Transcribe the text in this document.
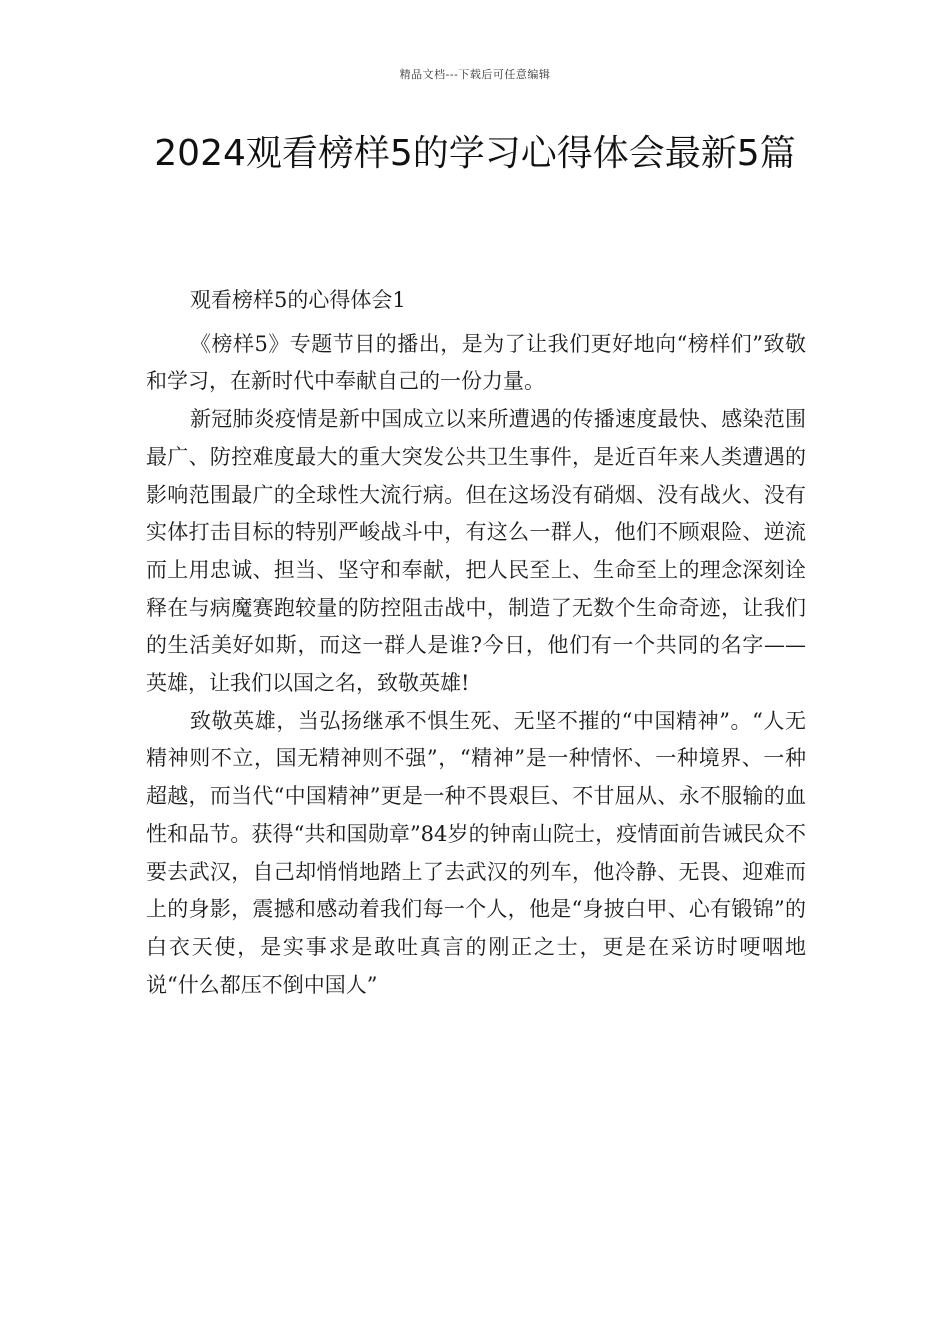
精品文档---下载后可任意编辑
2024观看榜样5的学习心得体会最新5篇

观看榜样5的心得体会1

《榜样5》专题节目的播出，是为了让我们更好地向“榜样们”致敬和学习，在新时代中奉献自己的一份力量。

新冠肺炎疫情是新中国成立以来所遭遇的传播速度最快、感染范围最广、防控难度最大的重大突发公共卫生事件，是近百年来人类遭遇的影响范围最广的全球性大流行病。但在这场没有硝烟、没有战火、没有实体打击目标的特别严峻战斗中，有这么一群人，他们不顾艰险、逆流而上用忠诚、担当、坚守和奉献，把人民至上、生命至上的理念深刻诠释在与病魔赛跑较量的防控阻击战中，制造了无数个生命奇迹，让我们的生活美好如斯，而这一群人是谁?今日，他们有一个共同的名字——英雄，让我们以国之名，致敬英雄!

致敬英雄，当弘扬继承不惧生死、无坚不摧的“中国精神”。“人无精神则不立，国无精神则不强”，“精神”是一种情怀、一种境界、一种超越，而当代“中国精神”更是一种不畏艰巨、不甘屈从、永不服输的血性和品节。获得“共和国勋章”84岁的钟南山院士，疫情面前告诫民众不要去武汉，自己却悄悄地踏上了去武汉的列车，他冷静、无畏、迎难而上的身影，震撼和感动着我们每一个人，他是“身披白甲、心有锻锦”的白衣天使，是实事求是敢吐真言的刚正之士，更是在采访时哽咽地说“什么都压不倒中国人”
